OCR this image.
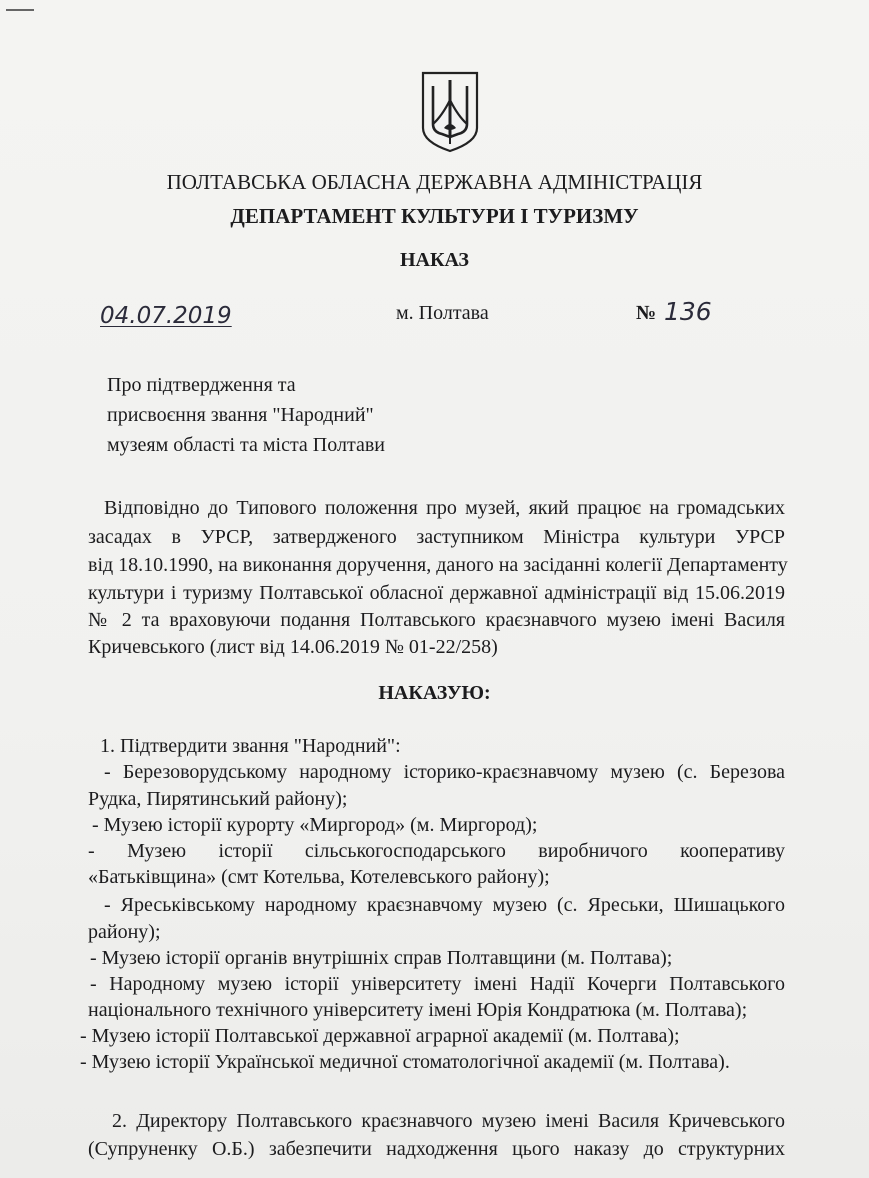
ПОЛТАВСЬКА ОБЛАСНА ДЕРЖАВНА АДМІНІСТРАЦІЯ
ДЕПАРТАМЕНТ КУЛЬТУРИ І ТУРИЗМУ
НАКАЗ
04.07.2019	м. Полтава	№ 136
Про підтвердження та
присвоєння звання "Народний"
музеям області та міста Полтави
Відповідно до Типового положення про музей, який працює на громадських
засадах в УРСР, затвердженого заступником Міністра культури УРСР
від 18.10.1990, на виконання доручення, даного на засіданні колегії Департаменту
культури і туризму Полтавської обласної державної адміністрації від 15.06.2019
№ 2 та враховуючи подання Полтавського краєзнавчого музею імені Василя
Кричевського (лист від 14.06.2019 № 01-22/258)
НАКАЗУЮ:
1. Підтвердити звання "Народний":
- Березоворудському народному історико-краєзнавчому музею (с. Березова
Рудка, Пирятинський району);
- Музею історії курорту «Миргород» (м. Миргород);
- Музею історії сільськогосподарського виробничого кооперативу
«Батьківщина» (смт Котельва, Котелевського району);
- Яреськівському народному краєзнавчому музею (с. Яреськи, Шишацького
району);
- Музею історії органів внутрішніх справ Полтавщини (м. Полтава);
- Народному музею історії університету імені Надії Кочерги Полтавського
національного технічного університету імені Юрія Кондратюка (м. Полтава);
- Музею історії Полтавської державної аграрної академії (м. Полтава);
- Музею історії Української медичної стоматологічної академії (м. Полтава).
2. Директору Полтавського краєзнавчого музею імені Василя Кричевського
(Супруненку О.Б.) забезпечити надходження цього наказу до структурних
